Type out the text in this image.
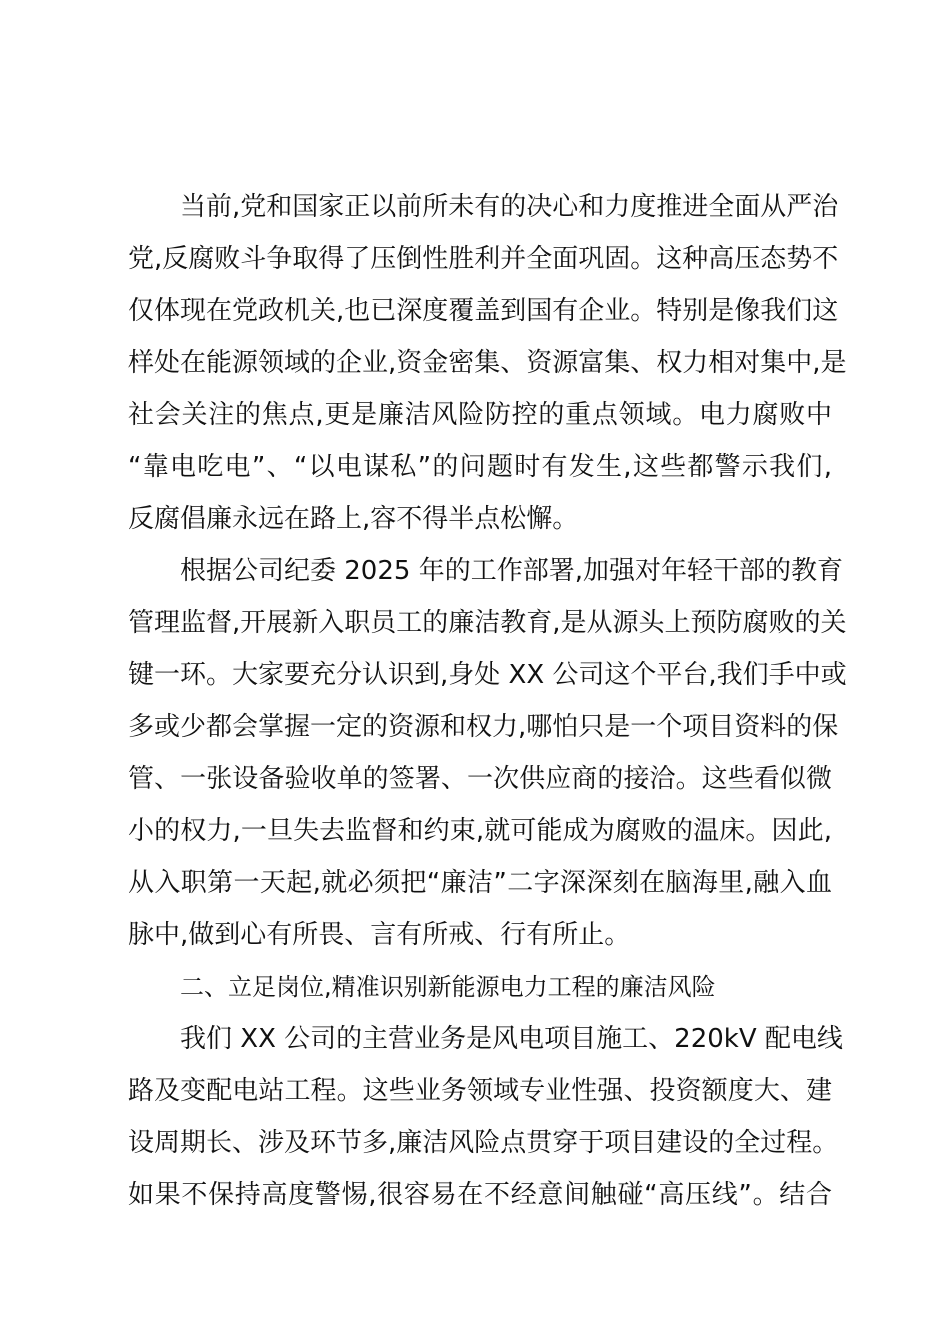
当前,党和国家正以前所未有的决心和力度推进全面从严治
党,反腐败斗争取得了压倒性胜利并全面巩固。这种高压态势不
仅体现在党政机关,也已深度覆盖到国有企业。特别是像我们这
样处在能源领域的企业,资金密集、资源富集、权力相对集中,是
社会关注的焦点,更是廉洁风险防控的重点领域。电力腐败中
“靠电吃电”、“以电谋私”的问题时有发生,这些都警示我们,
反腐倡廉永远在路上,容不得半点松懈。
根据公司纪委 2025 年的工作部署,加强对年轻干部的教育
管理监督,开展新入职员工的廉洁教育,是从源头上预防腐败的关
键一环。大家要充分认识到,身处 XX 公司这个平台,我们手中或
多或少都会掌握一定的资源和权力,哪怕只是一个项目资料的保
管、一张设备验收单的签署、一次供应商的接洽。这些看似微
小的权力,一旦失去监督和约束,就可能成为腐败的温床。因此,
从入职第一天起,就必须把“廉洁”二字深深刻在脑海里,融入血
脉中,做到心有所畏、言有所戒、行有所止。
二、立足岗位,精准识别新能源电力工程的廉洁风险
我们 XX 公司的主营业务是风电项目施工、220kV 配电线
路及变配电站工程。这些业务领域专业性强、投资额度大、建
设周期长、涉及环节多,廉洁风险点贯穿于项目建设的全过程。
如果不保持高度警惕,很容易在不经意间触碰“高压线”。结合
